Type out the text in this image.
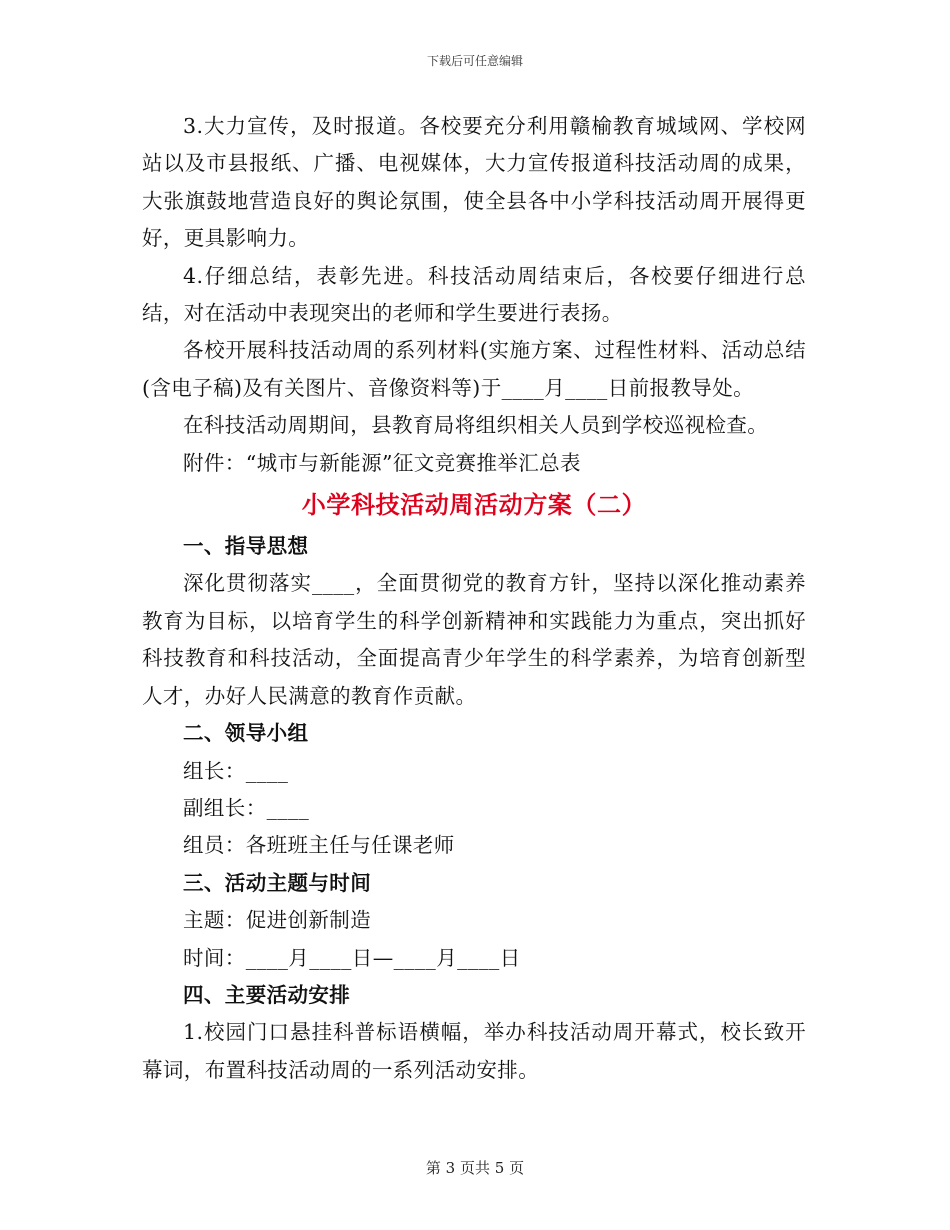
下载后可任意编辑

3.大力宣传，及时报道。各校要充分利用赣榆教育城域网、学校网站以及市县报纸、广播、电视媒体，大力宣传报道科技活动周的成果，大张旗鼓地营造良好的舆论氛围，使全县各中小学科技活动周开展得更好，更具影响力。

4.仔细总结，表彰先进。科技活动周结束后，各校要仔细进行总结，对在活动中表现突出的老师和学生要进行表扬。

各校开展科技活动周的系列材料(实施方案、过程性材料、活动总结(含电子稿)及有关图片、音像资料等)于____月____日前报教导处。

在科技活动周期间，县教育局将组织相关人员到学校巡视检查。

附件：“城市与新能源”征文竞赛推举汇总表

小学科技活动周活动方案（二）

一、指导思想

深化贯彻落实____，全面贯彻党的教育方针，坚持以深化推动素养教育为目标，以培育学生的科学创新精神和实践能力为重点，突出抓好科技教育和科技活动，全面提高青少年学生的科学素养，为培育创新型人才，办好人民满意的教育作贡献。

二、领导小组

组长：____

副组长：____

组员：各班班主任与任课老师

三、活动主题与时间

主题：促进创新制造

时间：____月____日—____月____日

四、主要活动安排

1.校园门口悬挂科普标语横幅，举办科技活动周开幕式，校长致开幕词，布置科技活动周的一系列活动安排。

第 3 页共 5 页
